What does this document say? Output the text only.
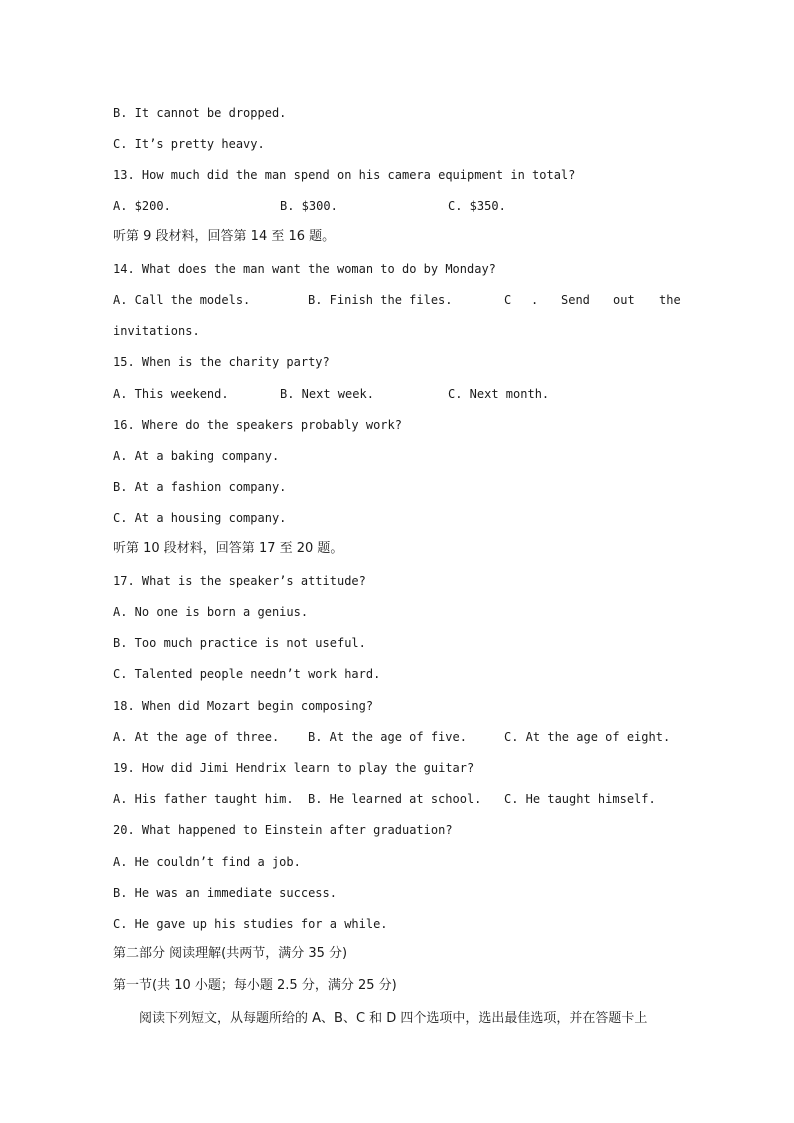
B. It cannot be dropped.
C. It’s pretty heavy.
13. How much did the man spend on his camera equipment in total?

A. $200.

	B. $300.

	C. $350.

听第 9 段材料，回答第 14 至 16 题。
14. What does the man want the woman to do by Monday?

A. Call the models.

	B. Finish the files.

	C

.

Send

out

the

invitations.
15. When is the charity party?

A. This weekend.

	B. Next week.

	C. Next month.

16. Where do the speakers probably work?
A. At a baking company.
B. At a fashion company.
C. At a housing company.
听第 10 段材料，回答第 17 至 20 题。
17. What is the speaker’s attitude?
A. No one is born a genius.
B. Too much practice is not useful.
C. Talented people needn’t work hard.
18. When did Mozart begin composing?

A. At the age of three.

B. At the age of five.

	C. At the age of eight.

19. How did Jimi Hendrix learn to play the guitar?

A. His father taught him.

B. He learned at school.

C. He taught himself.

20. What happened to Einstein after graduation?
A. He couldn’t find a job.
B. He was an immediate success.
C. He gave up his studies for a while.
第二部分 阅读理解(共两节，满分 35 分)
第一节(共 10 小题；每小题 2.5 分，满分 25 分)
阅读下列短文，从每题所给的 A、B、C 和 D 四个选项中，选出最佳选项，并在答题卡上
